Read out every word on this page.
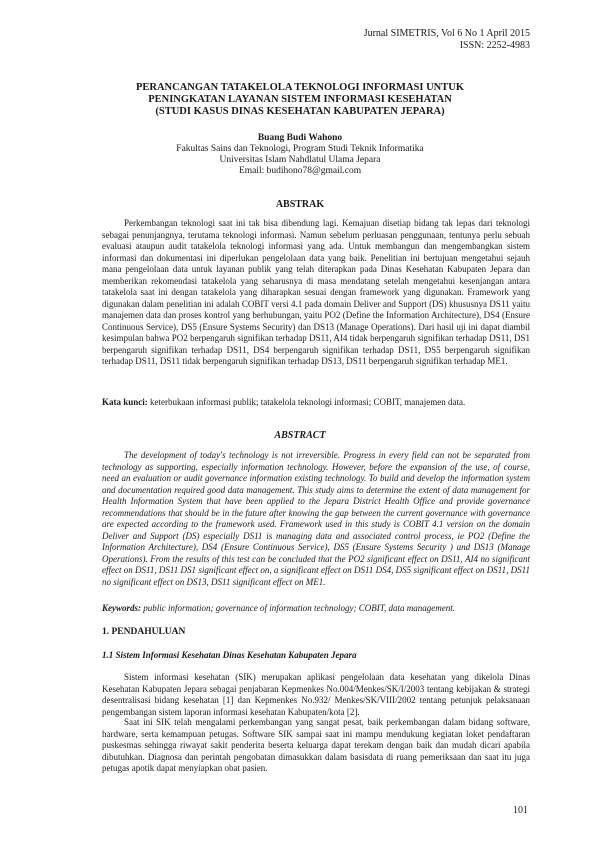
Jurnal SIMETRIS, Vol 6 No 1 April 2015
ISSN: 2252-4983
PERANCANGAN TATAKELOLA TEKNOLOGI INFORMASI UNTUK
PENINGKATAN LAYANAN SISTEM INFORMASI KESEHATAN
(STUDI KASUS DINAS KESEHATAN KABUPATEN JEPARA)
Buang Budi Wahono
Fakultas Sains dan Teknologi, Program Studi Teknik Informatika
Universitas Islam Nahdlatul Ulama Jepara
Email: budihono78@gmail.com
ABSTRAK
Perkembangan teknologi saat ini tak bisa dibendung lagi. Kemajuan disetiap bidang tak lepas dari teknologi sebagai penunjangnya, terutama teknologi informasi. Namun sebelum perluasan penggunaan, tentunya perlu sebuah evaluasi ataupun audit tatakelola teknologi informasi yang ada. Untuk membangun dan mengembangkan sistem informasi dan dokumentasi ini diperlukan pengelolaan data yang baik. Penelitian ini bertujuan mengetahui sejauh mana pengelolaan data untuk layanan publik yang telah diterapkan pada Dinas Kesehatan Kabupaten Jepara dan memberikan rekomendasi tatakelola yang seharusnya di masa mendatang setelah mengetahui kesenjangan antara tatakelola saat ini dengan tatakelola yang diharapkan sesuai dengan framework yang digunakan. Framework yang digunakan dalam penelitian ini adalah COBIT versi 4.1 pada domain Deliver and Support (DS) khususnya DS11 yaitu manajemen data dan proses kontrol yang berhubungan, yaitu PO2 (Define the Information Architecture), DS4 (Ensure Continuous Service), DS5 (Ensure Systems Security) dan DS13 (Manage Operations). Dari hasil uji ini dapat diambil kesimpulan bahwa PO2 berpengaruh signifikan terhadap DS11, AI4 tidak berpengaruh signifikan terhadap DS11, DS1 berpengaruh signifikan terhadap DS11, DS4 berpengaruh signifikan terhadap DS11, DS5 berpengaruh signifikan terhadap DS11, DS11 tidak berpengaruh signifikan terhadap DS13, DS11 berpengaruh signifikan terhadap ME1.
Kata kunci: keterbukaan informasi publik; tatakelola teknologi informasi; COBIT, manajemen data.
ABSTRACT
The development of today's technology is not irreversible. Progress in every field can not be separated from technology as supporting, especially information technology. However, before the expansion of the use, of course, need an evaluation or audit governance information existing technology. To build and develop the information system and documentation required good data management. This study aims to determine the extent of data management for Health Information System that have been applied to the Jepara District Health Office and provide governance recommendations that should be in the future after knowing the gap between the current governance with governance are expected according to the framework used. Framework used in this study is COBIT 4.1 version on the domain Deliver and Support (DS) especially DS11 is managing data and associated control process, ie PO2 (Define the Information Architecture), DS4 (Ensure Continuous Service), DS5 (Ensure Systems Security ) and DS13 (Manage Operations). From the results of this test can be concluded that the PO2 significant effect on DS11, AI4 no significant effect on DS11, DS11 DS1 significant effect on, a significant effect on DS11 DS4, DS5 significant effect on DS11, DS11 no significant effect on DS13, DS11 significant effect on ME1.
Keywords: public information; governance of information technology; COBIT, data management.
1. PENDAHULUAN
1.1 Sistem Informasi Kesehatan Dinas Kesehatan Kabupaten Jepara
Sistem informasi kesehatan (SIK) merupakan aplikasi pengelolaan data kesehatan yang dikelola Dinas Kesehatan Kabupaten Jepara sebagai penjabaran Kepmenkes No.004/Menkes/SK/I/2003 tentang kebijakan & strategi desentralisasi bidang kesehatan [1] dan Kepmenkes No.932/ Menkes/SK/VIII/2002 tentang petunjuk pelaksanaan pengembangan sistem laporan informasi kesehatan Kabupaten/kota [2].
Saat ini SIK telah mengalami perkembangan yang sangat pesat, baik perkembangan dalam bidang software, hardware, serta kemampuan petugas. Software SIK sampai saat ini mampu mendukung kegiatan loket pendaftaran puskesmas sehingga riwayat sakit penderita beserta keluarga dapat terekam dengan baik dan mudah dicari apabila dibutuhkan. Diagnosa dan perintah pengobatan dimasukkan dalam basisdata di ruang pemeriksaan dan saat itu juga petugas apotik dapat menyiapkan obat pasien.
101
